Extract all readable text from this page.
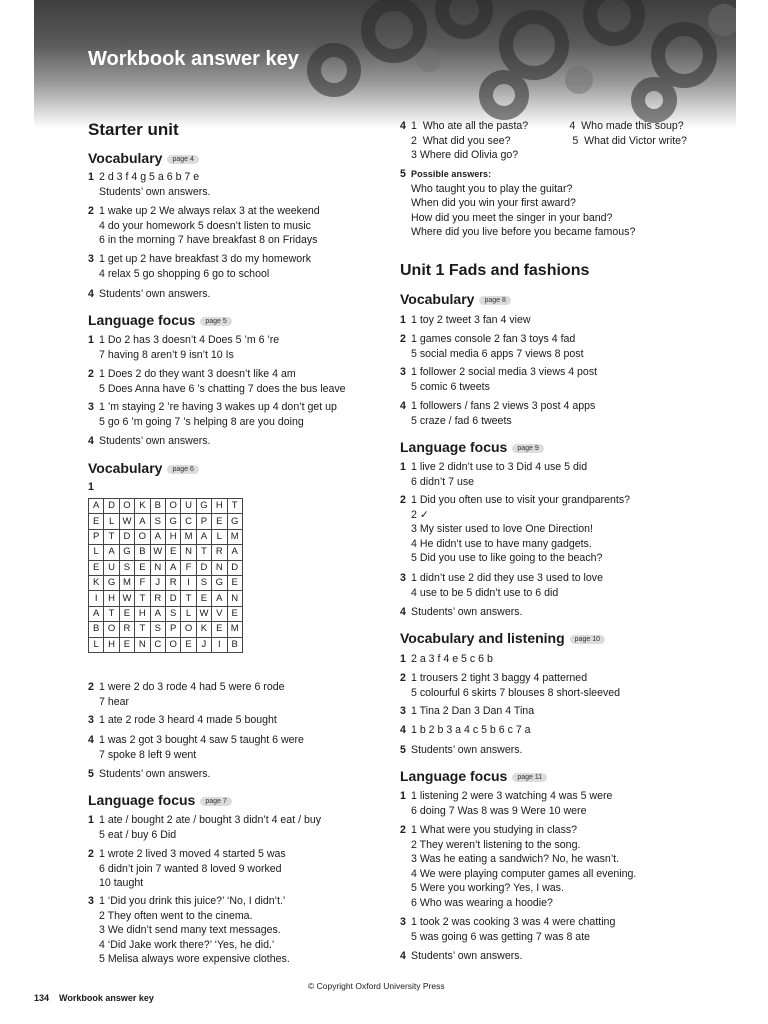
Workbook answer key
Starter unit
Vocabulary page 4
1 2 d 3 f 4 g 5 a 6 b 7 e
Students’ own answers.
2 1 wake up 2 We always relax 3 at the weekend
4 do your homework 5 doesn’t listen to music
6 in the morning 7 have breakfast 8 on Fridays
3 1 get up 2 have breakfast 3 do my homework
4 relax 5 go shopping 6 go to school
4 Students’ own answers.
Language focus page 5
1 1 Do 2 has 3 doesn’t 4 Does 5 ’m 6 ’re
7 having 8 aren’t 9 isn’t 10 Is
2 1 Does 2 do they want 3 doesn’t like 4 am
5 Does Anna have 6 ’s chatting 7 does the bus leave
3 1 ’m staying 2 ’re having 3 wakes up 4 don’t get up
5 go 6 ’m going 7 ’s helping 8 are you doing
4 Students’ own answers.
Vocabulary page 6
1
A	D	O	K	B	O	U	G	H	T
E	L	W	A	S	G	C	P	E	G
P	T	D	O	A	H	M	A	L	M
L	A	G	B	W	E	N	T	R	A
E	U	S	E	N	A	F	D	N	D
K	G	M	F	J	R	I	S	G	E
I	H	W	T	R	D	T	E	A	N
A	T	E	H	A	S	L	W	V	E
B	O	R	T	S	P	O	K	E	M
L	H	E	N	C	O	E	J	I	B
2 1 were 2 do 3 rode 4 had 5 were 6 rode
7 hear
3 1 ate 2 rode 3 heard 4 made 5 bought
4 1 was 2 got 3 bought 4 saw 5 taught 6 were
7 spoke 8 left 9 went
5 Students’ own answers.
Language focus page 7
1 1 ate / bought 2 ate / bought 3 didn’t 4 eat / buy
5 eat / buy 6 Did
2 1 wrote 2 lived 3 moved 4 started 5 was
6 didn’t join 7 wanted 8 loved 9 worked
10 taught
3 1 ‘Did you drink this juice?’ ‘No, I didn’t.’
2 They often went to the cinema.
3 We didn’t send many text messages.
4 ‘Did Jake work there?’ ‘Yes, he did.’
5 Melisa always wore expensive clothes.
4 1  Who ate all the pasta?              4  Who made this soup?
2  What did you see?                     5  What did Victor write?
3 Where did Olivia go?
5 Possible answers:
Who taught you to play the guitar?
When did you win your first award?
How did you meet the singer in your band?
Where did you live before you became famous?
Unit 1 Fads and fashions
Vocabulary page 8
1 1 toy 2 tweet 3 fan 4 view
2 1 games console 2 fan 3 toys 4 fad
5 social media 6 apps 7 views 8 post
3 1 follower 2 social media 3 views 4 post
5 comic 6 tweets
4 1 followers / fans 2 views 3 post 4 apps
5 craze / fad 6 tweets
Language focus page 9
1 1 live 2 didn’t use to 3 Did 4 use 5 did
6 didn’t 7 use
2 1 Did you often use to visit your grandparents?
2 ✓
3 My sister used to love One Direction!
4 He didn’t use to have many gadgets.
5 Did you use to like going to the beach?
3 1 didn’t use 2 did they use 3 used to love
4 use to be 5 didn’t use to 6 did
4 Students’ own answers.
Vocabulary and listening page 10
1 2 a 3 f 4 e 5 c 6 b
2 1 trousers 2 tight 3 baggy 4 patterned
5 colourful 6 skirts 7 blouses 8 short-sleeved
3 1 Tina 2 Dan 3 Dan 4 Tina
4 1 b 2 b 3 a 4 c 5 b 6 c 7 a
5 Students’ own answers.
Language focus page 11
1 1 listening 2 were 3 watching 4 was 5 were
6 doing 7 Was 8 was 9 Were 10 were
2 1 What were you studying in class?
2 They weren’t listening to the song.
3 Was he eating a sandwich? No, he wasn’t.
4 We were playing computer games all evening.
5 Were you working? Yes, I was.
6 Who was wearing a hoodie?
3 1 took 2 was cooking 3 was 4 were chatting
5 was going 6 was getting 7 was 8 ate
4 Students’ own answers.
© Copyright Oxford University Press
134 Workbook answer key
